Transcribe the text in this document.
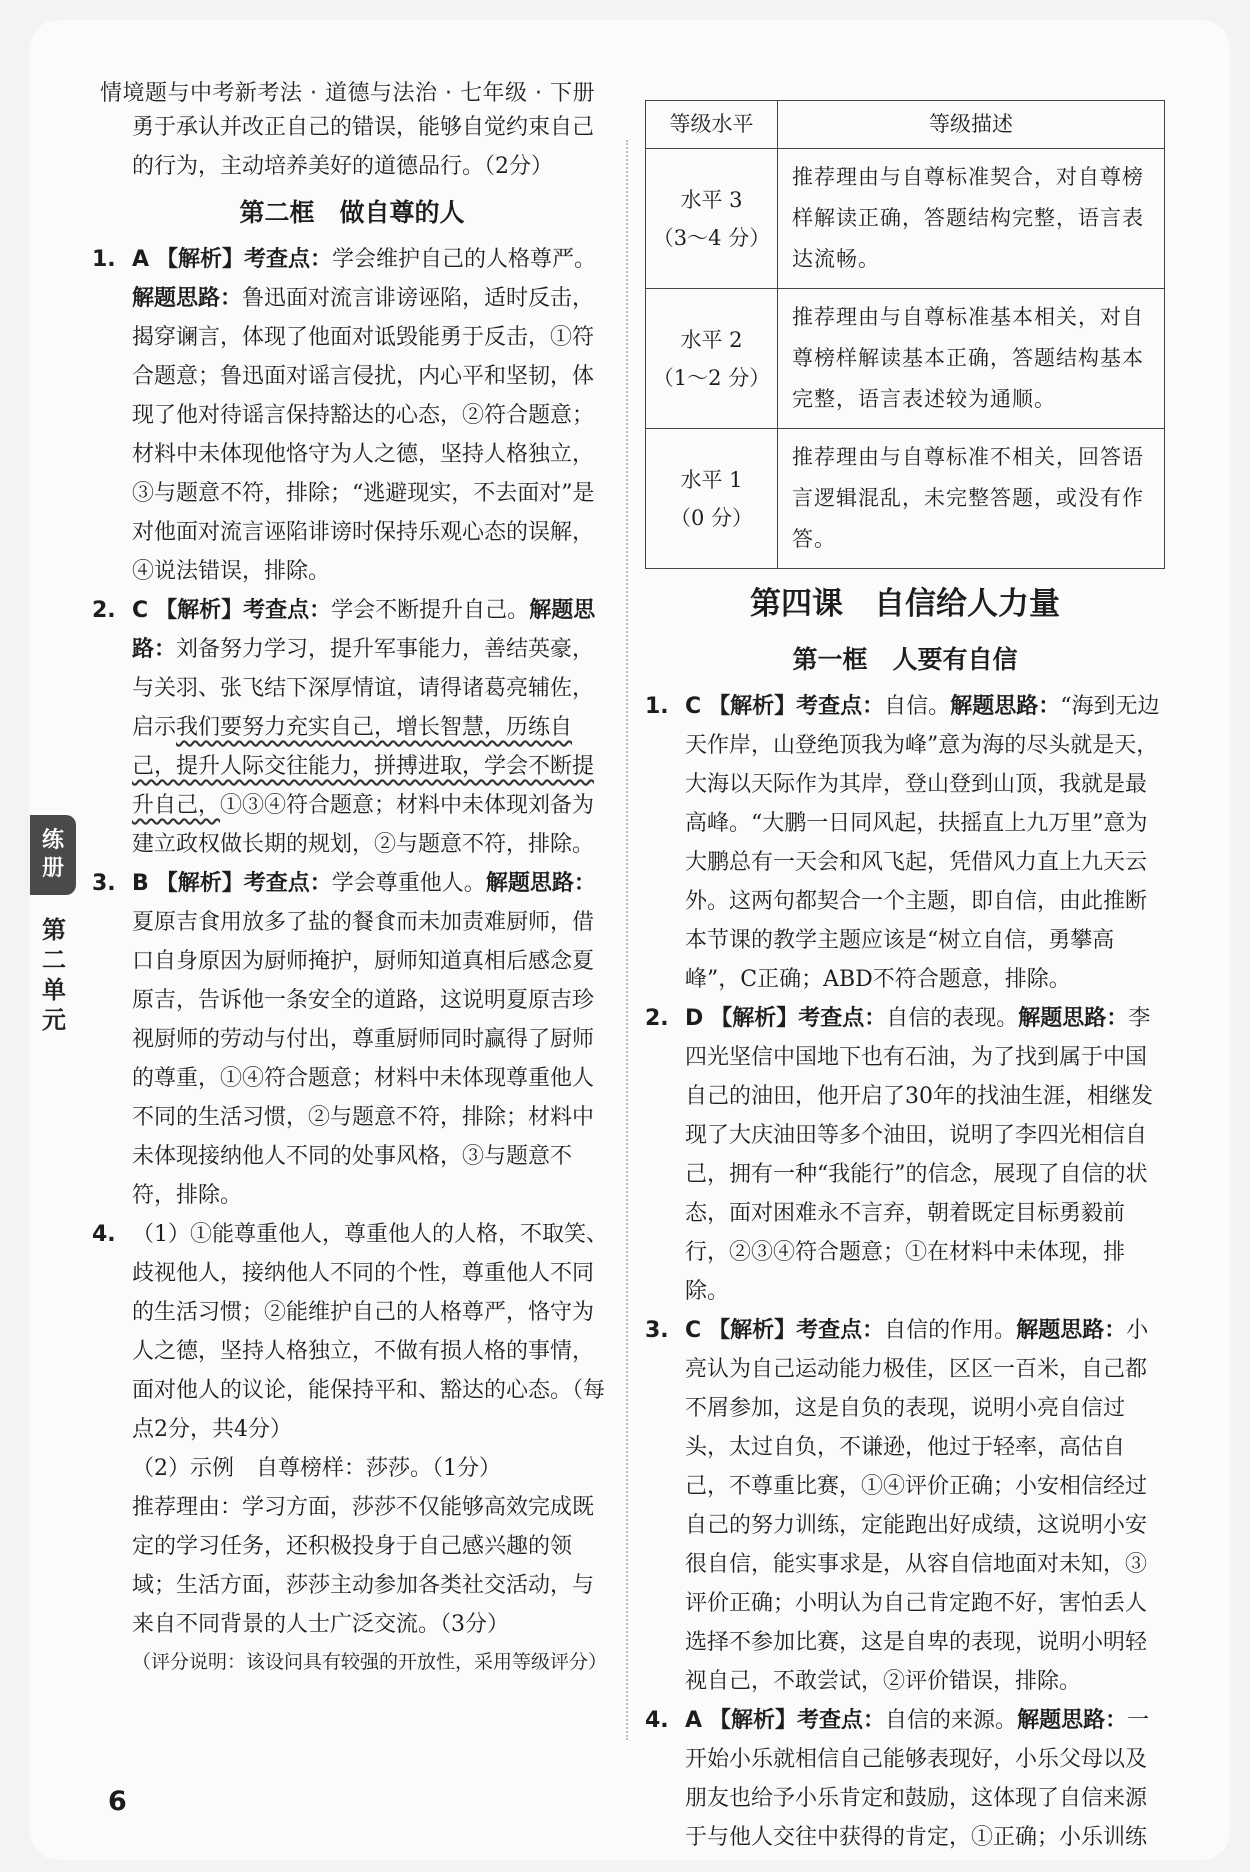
情境题与中考新考法 · 道德与法治 · 七年级 · 下册
练
册
第
二
单
元
勇于承认并改正自己的错误，能够自觉约束自己
的行为，主动培养美好的道德品行。（2分）
第二框　做自尊的人
1. A 【解析】考查点：学会维护自己的人格尊严。解题思路：鲁迅面对流言诽谤诬陷，适时反击，揭穿谰言，体现了他面对诋毁能勇于反击，①符合题意；鲁迅面对谣言侵扰，内心平和坚韧，体现了他对待谣言保持豁达的心态，②符合题意；材料中未体现他恪守为人之德，坚持人格独立，③与题意不符，排除；“逃避现实，不去面对”是对他面对流言诬陷诽谤时保持乐观心态的误解，④说法错误，排除。
2. C 【解析】考查点：学会不断提升自己。解题思路：刘备努力学习，提升军事能力，善结英豪，与关羽、张飞结下深厚情谊，请得诸葛亮辅佐，启示我们要努力充实自己，增长智慧，历练自己，提升人际交往能力，拼搏进取，学会不断提升自己，①③④符合题意；材料中未体现刘备为建立政权做长期的规划，②与题意不符，排除。
3. B 【解析】考查点：学会尊重他人。解题思路：夏原吉食用放多了盐的餐食而未加责难厨师，借口自身原因为厨师掩护，厨师知道真相后感念夏原吉，告诉他一条安全的道路，这说明夏原吉珍视厨师的劳动与付出，尊重厨师同时赢得了厨师的尊重，①④符合题意；材料中未体现尊重他人不同的生活习惯，②与题意不符，排除；材料中未体现接纳他人不同的处事风格，③与题意不符，排除。
4. （1）①能尊重他人，尊重他人的人格，不取笑、歧视他人，接纳他人不同的个性，尊重他人不同的生活习惯；②能维护自己的人格尊严，恪守为人之德，坚持人格独立，不做有损人格的事情，面对他人的议论，能保持平和、豁达的心态。（每点2分，共4分）
（2）示例　自尊榜样：莎莎。（1分）
推荐理由：学习方面，莎莎不仅能够高效完成既定的学习任务，还积极投身于自己感兴趣的领域；生活方面，莎莎主动参加各类社交活动，与来自不同背景的人士广泛交流。（3分）
（评分说明：该设问具有较强的开放性，采用等级评分）
等级水平	等级描述

水平 3
（3～4 分）	推荐理由与自尊标准契合，对自尊榜样解读正确，答题结构完整，语言表达流畅。

水平 2
（1～2 分）	推荐理由与自尊标准基本相关，对自尊榜样解读基本正确，答题结构基本完整，语言表述较为通顺。

水平 1
（0 分）	推荐理由与自尊标准不相关，回答语言逻辑混乱，未完整答题，或没有作答。
第四课　自信给人力量
第一框　人要有自信
1. C 【解析】考查点：自信。解题思路：“海到无边天作岸，山登绝顶我为峰”意为海的尽头就是天，大海以天际作为其岸，登山登到山顶，我就是最高峰。“大鹏一日同风起，扶摇直上九万里”意为大鹏总有一天会和风飞起，凭借风力直上九天云外。这两句都契合一个主题，即自信，由此推断本节课的教学主题应该是“树立自信，勇攀高峰”，C正确；ABD不符合题意，排除。
2. D 【解析】考查点：自信的表现。解题思路：李四光坚信中国地下也有石油，为了找到属于中国自己的油田，他开启了30年的找油生涯，相继发现了大庆油田等多个油田，说明了李四光相信自己，拥有一种“我能行”的信念，展现了自信的状态，面对困难永不言弃，朝着既定目标勇毅前行，②③④符合题意；①在材料中未体现，排除。
3. C 【解析】考查点：自信的作用。解题思路：小亮认为自己运动能力极佳，区区一百米，自己都不屑参加，这是自负的表现，说明小亮自信过头，太过自负，不谦逊，他过于轻率，高估自己，不尊重比赛，①④评价正确；小安相信经过自己的努力训练，定能跑出好成绩，这说明小安很自信，能实事求是，从容自信地面对未知，③评价正确；小明认为自己肯定跑不好，害怕丢人选择不参加比赛，这是自卑的表现，说明小明轻视自己，不敢尝试，②评价错误，排除。
4. A 【解析】考查点：自信的来源。解题思路：一开始小乐就相信自己能够表现好，小乐父母以及朋友也给予小乐肯定和鼓励，这体现了自信来源于与他人交往中获得的肯定，①正确；小乐训练
6
